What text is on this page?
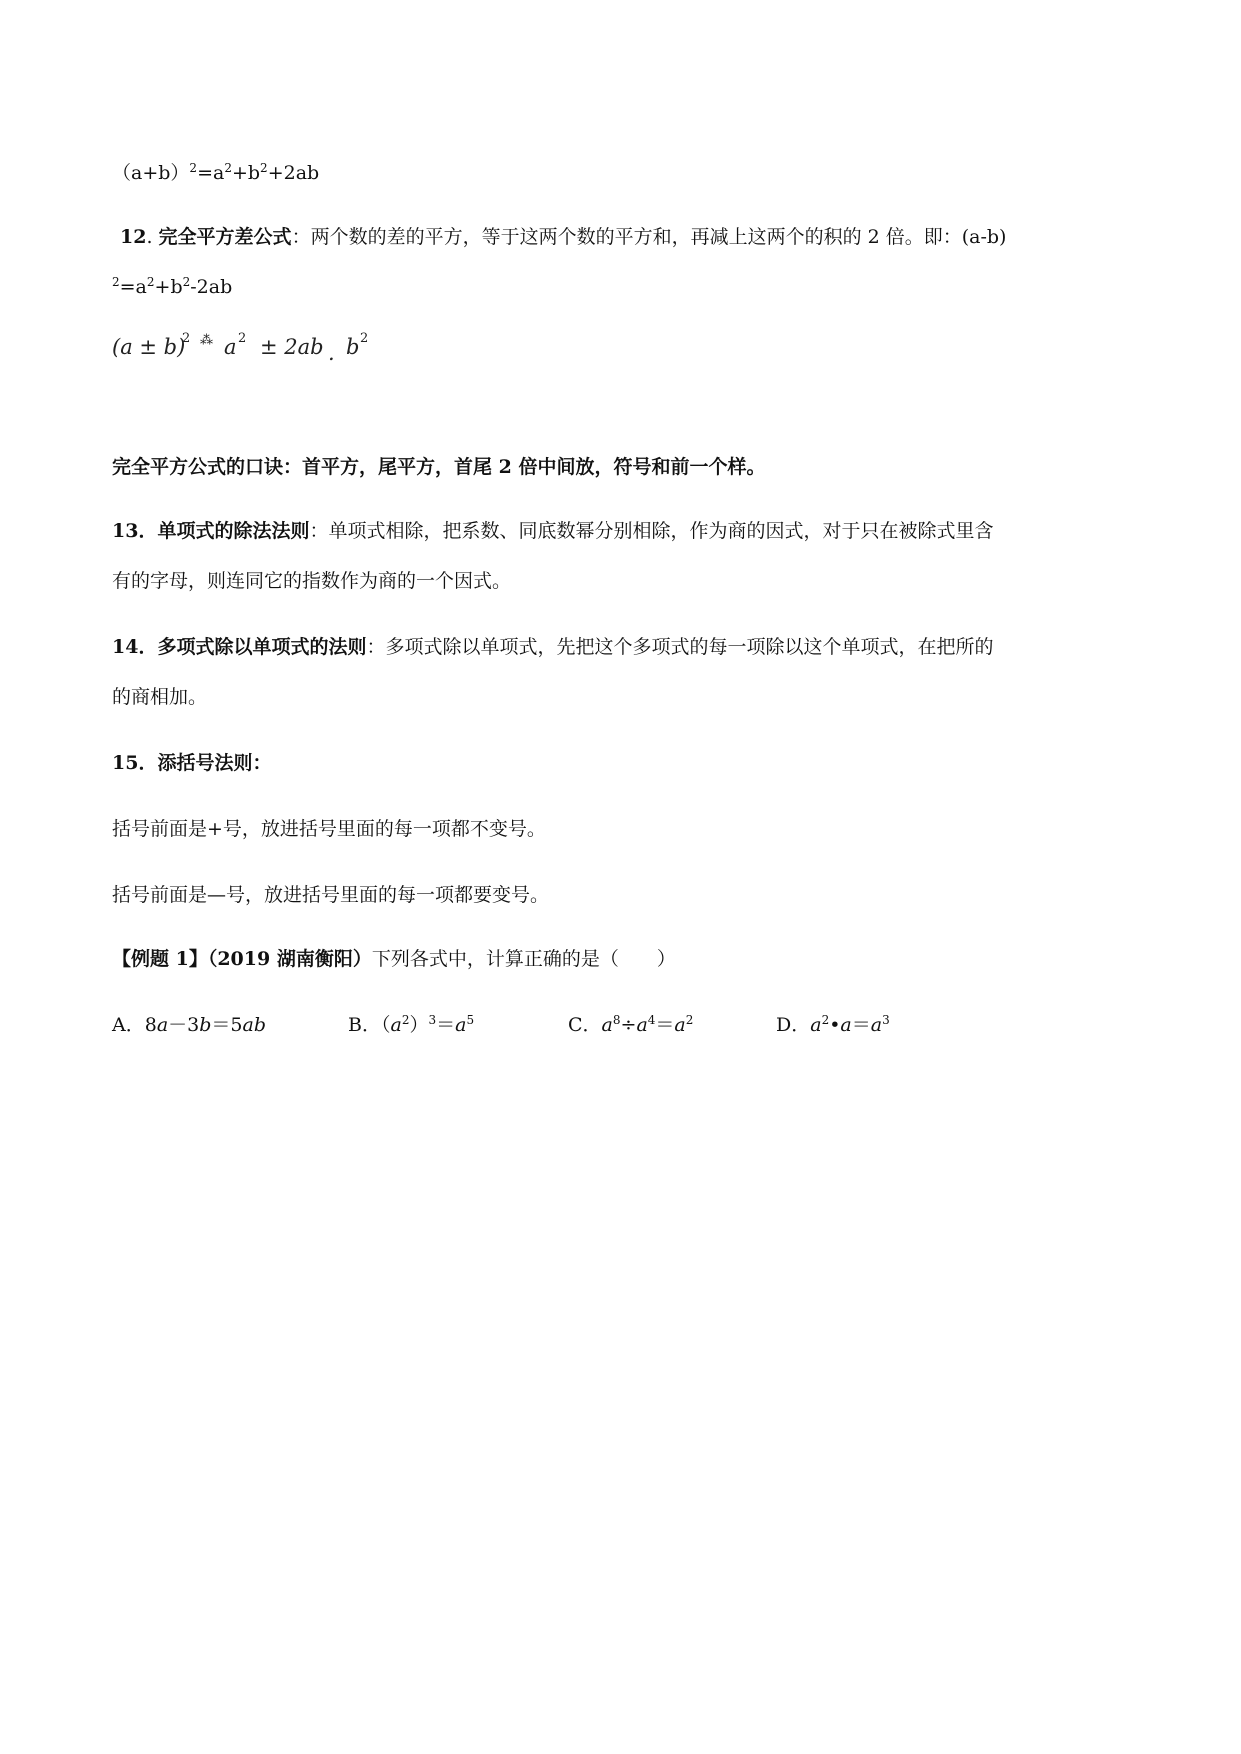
$(a+b)^2=a^2+b^2+2ab$
12. 完全平方差公式：两个数的差的平方，等于这两个数的平方和，再减上这两个的积的 2 倍。即：(a-b)
$^2=a^2+b^2-2ab$
(a ± b)
2 ⁂ a 2 ± 2ab . b 2
完全平方公式的口诀：首平方，尾平方，首尾 2 倍中间放，符号和前一个样。
13．单项式的除法法则：单项式相除，把系数、同底数幂分别相除，作为商的因式，对于只在被除式里含
有的字母，则连同它的指数作为商的一个因式。
14．多项式除以单项式的法则：多项式除以单项式，先把这个多项式的每一项除以这个单项式，在把所的
的商相加。
15．添括号法则：
括号前面是+号，放进括号里面的每一项都不变号。
括号前面是—号，放进括号里面的每一项都要变号。
【例题 1】（2019 湖南衡阳）下列各式中，计算正确的是（　　）
A．8a－3b＝5ab	B．$(a^2)^3=a^5$	C．$a^8\div a^4=a^2$	D．$a^2•a=a^3$
